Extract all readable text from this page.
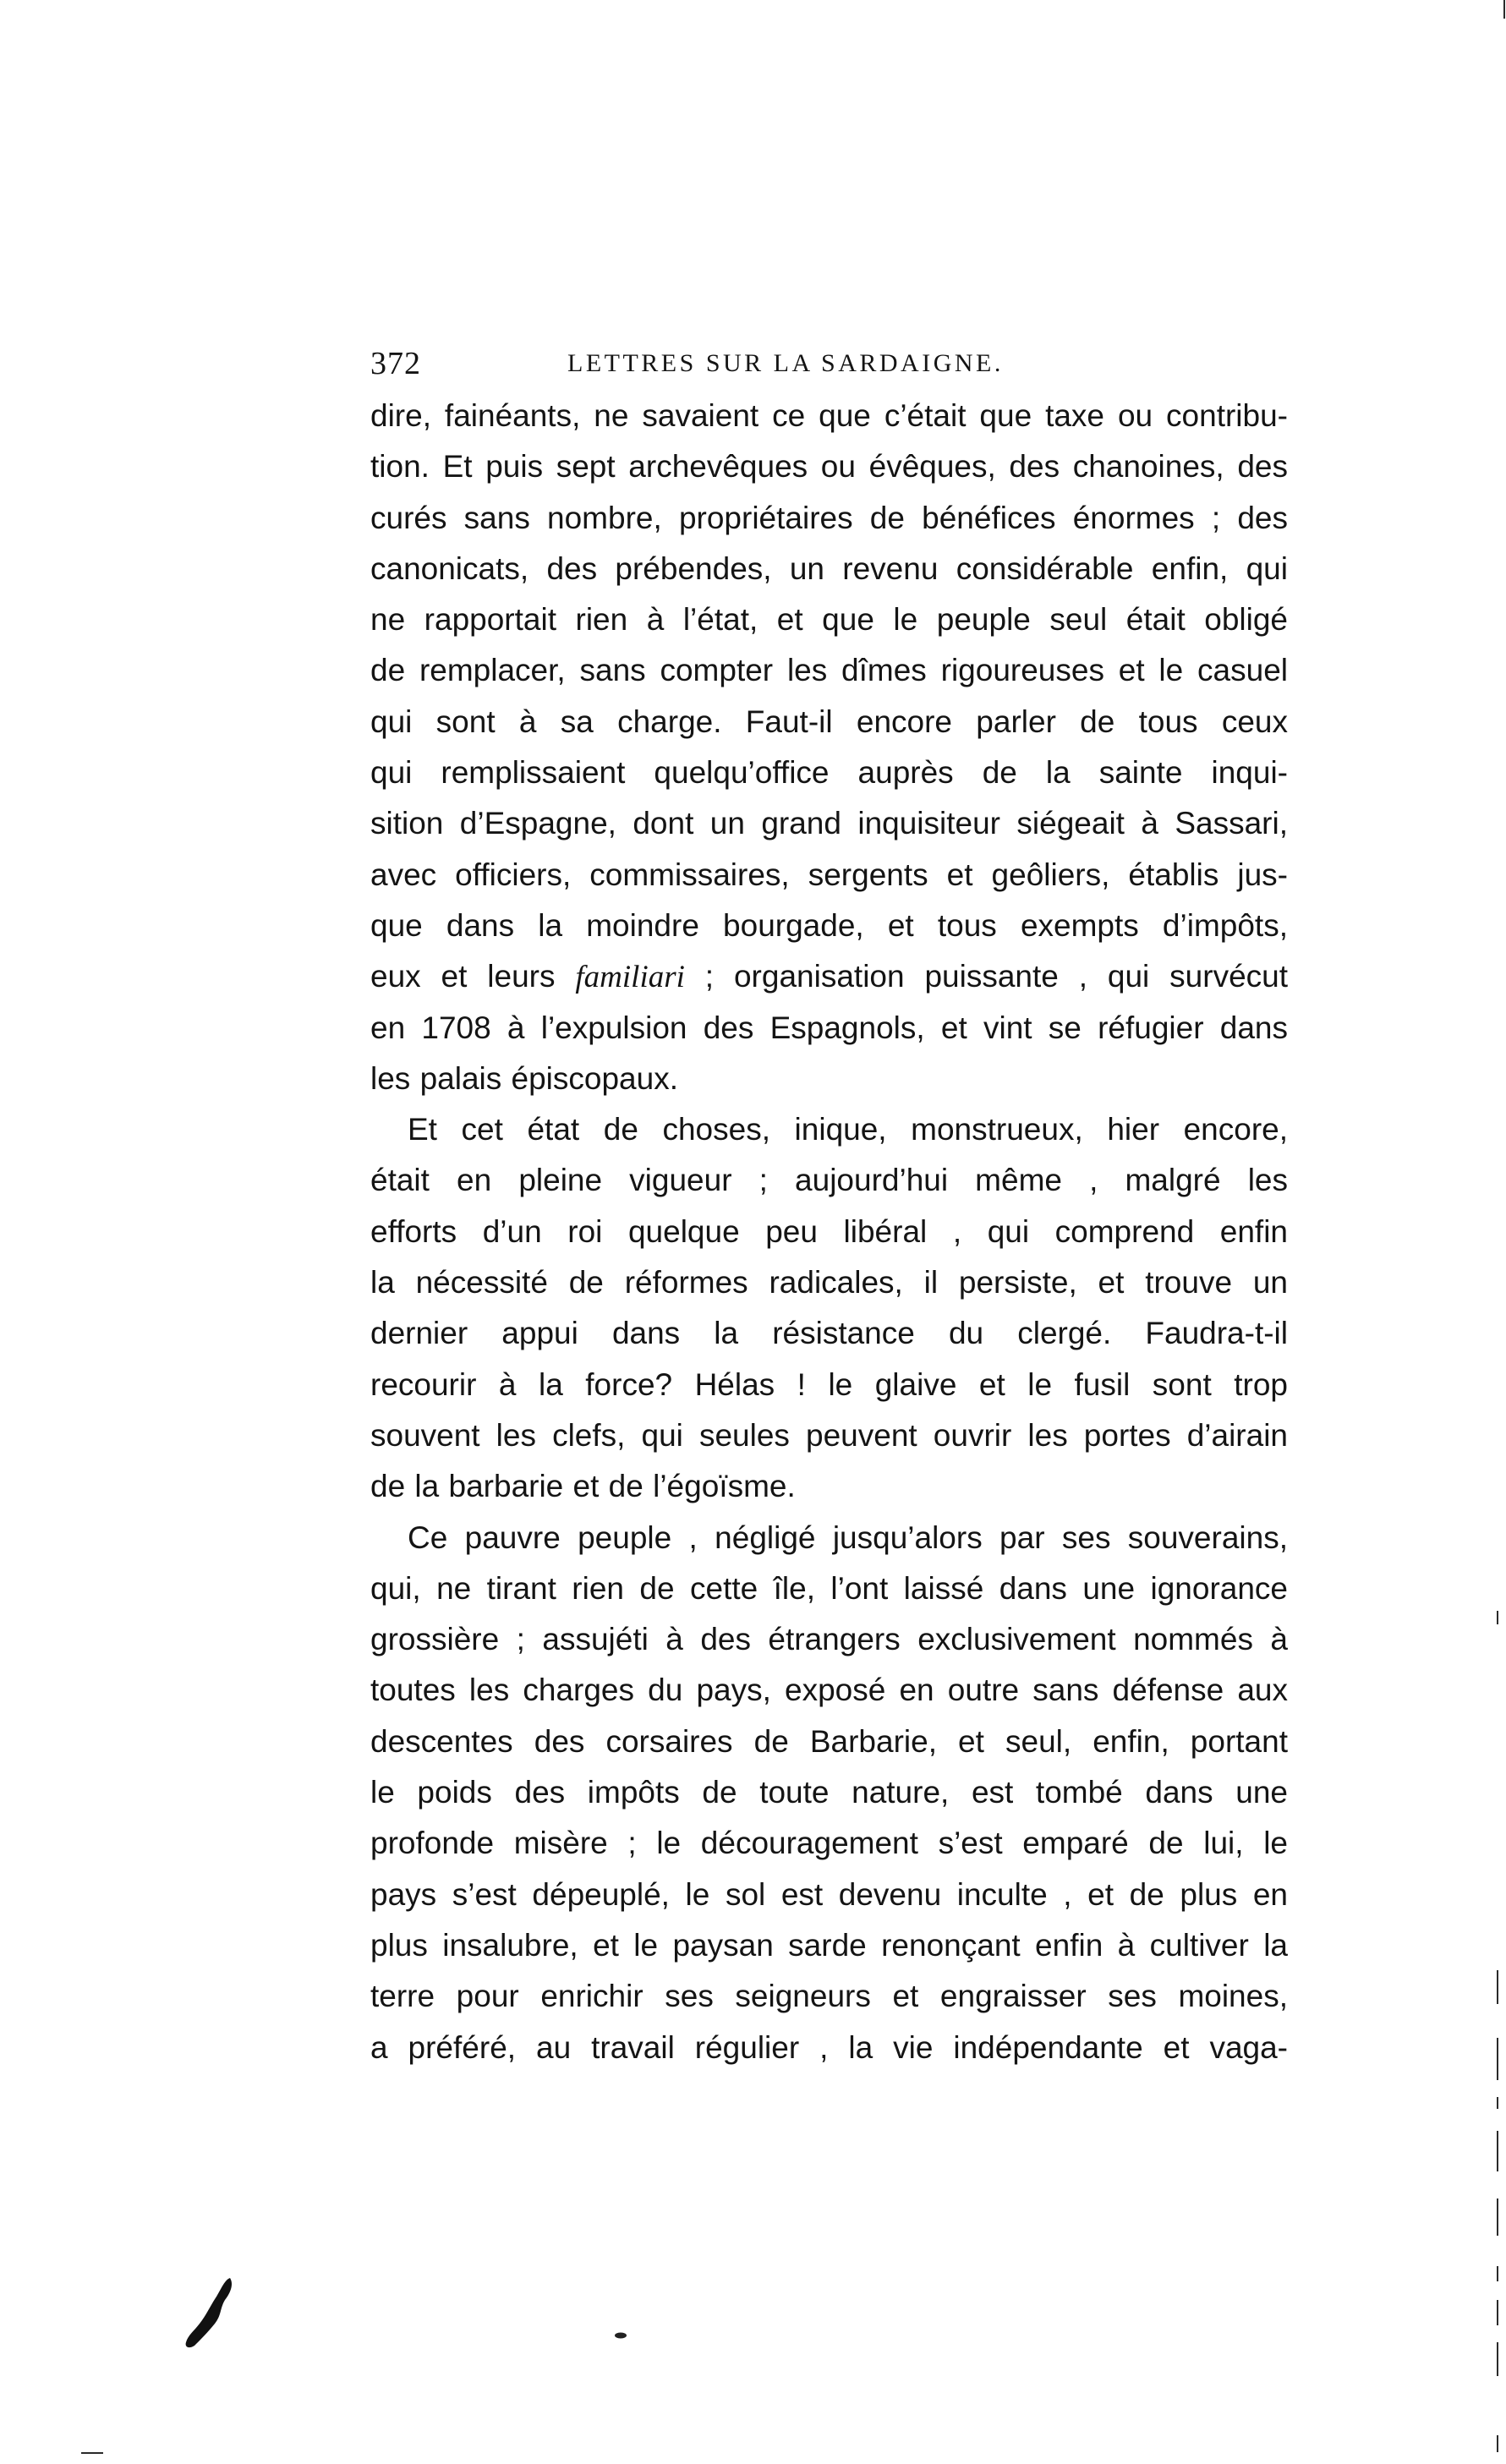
372	LETTRES SUR LA SARDAIGNE.
dire, fainéants, ne savaient ce que c’était que taxe ou contribu-
tion. Et puis sept archevêques ou évêques, des chanoines, des
curés sans nombre, propriétaires de bénéfices énormes ; des
canonicats, des prébendes, un revenu considérable enfin, qui
ne rapportait rien à l’état, et que le peuple seul était obligé
de remplacer, sans compter les dîmes rigoureuses et le casuel
qui sont à sa charge. Faut-il encore parler de tous ceux
qui remplissaient quelqu’office auprès de la sainte inqui-
sition d’Espagne, dont un grand inquisiteur siégeait à Sassari,
avec officiers, commissaires, sergents et geôliers, établis jus-
que dans la moindre bourgade, et tous exempts d’impôts,
eux et leurs familiari ; organisation puissante , qui survécut
en 1708 à l’expulsion des Espagnols, et vint se réfugier dans
les palais épiscopaux.
Et cet état de choses, inique, monstrueux, hier encore,
était en pleine vigueur ; aujourd’hui même , malgré les
efforts d’un roi quelque peu libéral , qui comprend enfin
la nécessité de réformes radicales, il persiste, et trouve un
dernier appui dans la résistance du clergé. Faudra-t-il
recourir à la force? Hélas ! le glaive et le fusil sont trop
souvent les clefs, qui seules peuvent ouvrir les portes d’airain
de la barbarie et de l’égoïsme.
Ce pauvre peuple , négligé jusqu’alors par ses souverains,
qui, ne tirant rien de cette île, l’ont laissé dans une ignorance
grossière ; assujéti à des étrangers exclusivement nommés à
toutes les charges du pays, exposé en outre sans défense aux
descentes des corsaires de Barbarie, et seul, enfin, portant
le poids des impôts de toute nature, est tombé dans une
profonde misère ; le découragement s’est emparé de lui, le
pays s’est dépeuplé, le sol est devenu inculte , et de plus en
plus insalubre, et le paysan sarde renonçant enfin à cultiver la
terre pour enrichir ses seigneurs et engraisser ses moines,
a préféré, au travail régulier , la vie indépendante et vaga-
